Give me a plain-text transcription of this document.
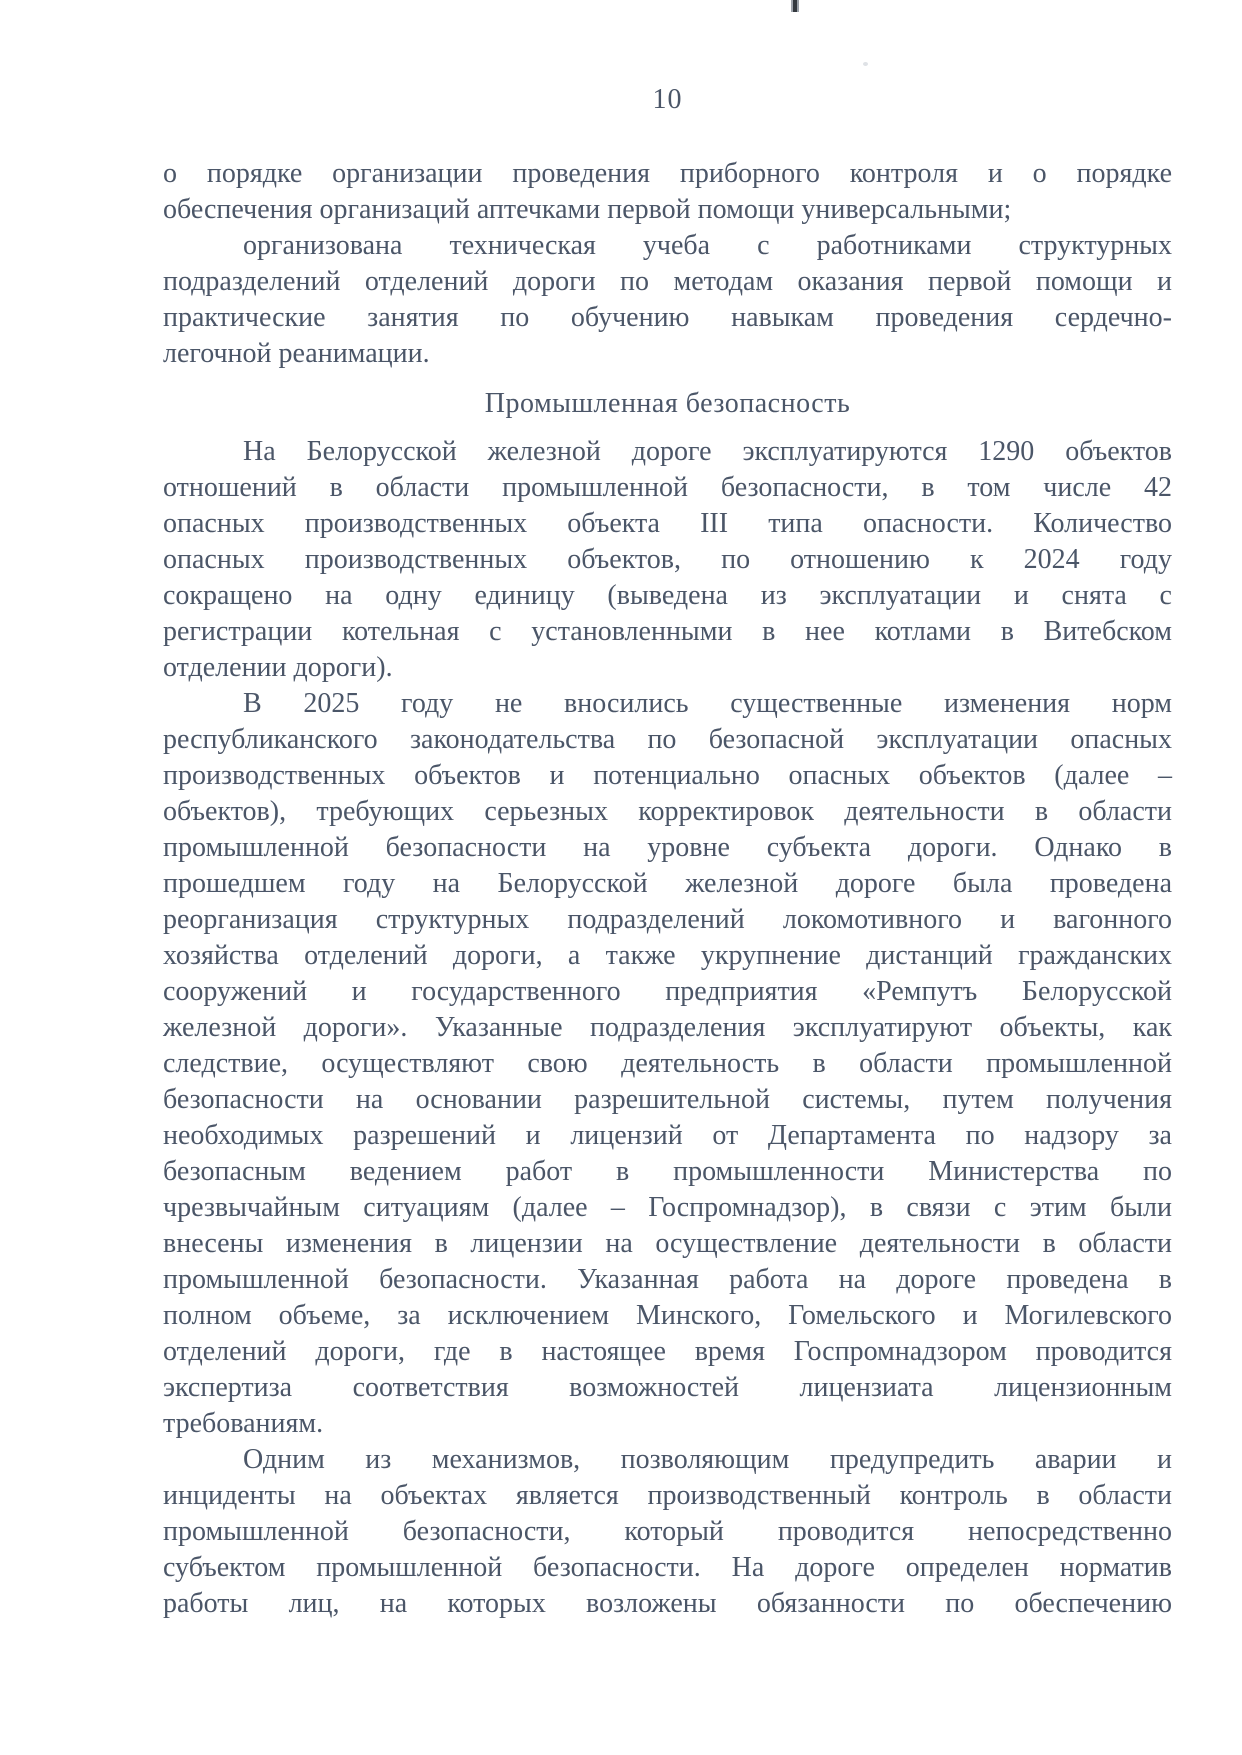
10
о порядке организации проведения приборного контроля и о порядке
обеспечения организаций аптечками первой помощи универсальными;
организована техническая учеба с работниками структурных
подразделений отделений дороги по методам оказания первой помощи и
практические занятия по обучению навыкам проведения сердечно-
легочной реанимации.
Промышленная безопасность
На Белорусской железной дороге эксплуатируются 1290 объектов
отношений в области промышленной безопасности, в том числе 42
опасных производственных объекта III типа опасности. Количество
опасных производственных объектов, по отношению к 2024 году
сокращено на одну единицу (выведена из эксплуатации и снята с
регистрации котельная с установленными в нее котлами в Витебском
отделении дороги).
В 2025 году не вносились существенные изменения норм
республиканского законодательства по безопасной эксплуатации опасных
производственных объектов и потенциально опасных объектов (далее –
объектов), требующих серьезных корректировок деятельности в области
промышленной безопасности на уровне субъекта дороги. Однако в
прошедшем году на Белорусской железной дороге была проведена
реорганизация структурных подразделений локомотивного и вагонного
хозяйства отделений дороги, а также укрупнение дистанций гражданских
сооружений и государственного предприятия «Ремпутъ Белорусской
железной дороги». Указанные подразделения эксплуатируют объекты, как
следствие, осуществляют свою деятельность в области промышленной
безопасности на основании разрешительной системы, путем получения
необходимых разрешений и лицензий от Департамента по надзору за
безопасным ведением работ в промышленности Министерства по
чрезвычайным ситуациям (далее – Госпромнадзор), в связи с этим были
внесены изменения в лицензии на осуществление деятельности в области
промышленной безопасности. Указанная работа на дороге проведена в
полном объеме, за исключением Минского, Гомельского и Могилевского
отделений дороги, где в настоящее время Госпромнадзором проводится
экспертиза соответствия возможностей лицензиата лицензионным
требованиям.
Одним из механизмов, позволяющим предупредить аварии и
инциденты на объектах является производственный контроль в области
промышленной безопасности, который проводится непосредственно
субъектом промышленной безопасности. На дороге определен норматив
работы лиц, на которых возложены обязанности по обеспечению
